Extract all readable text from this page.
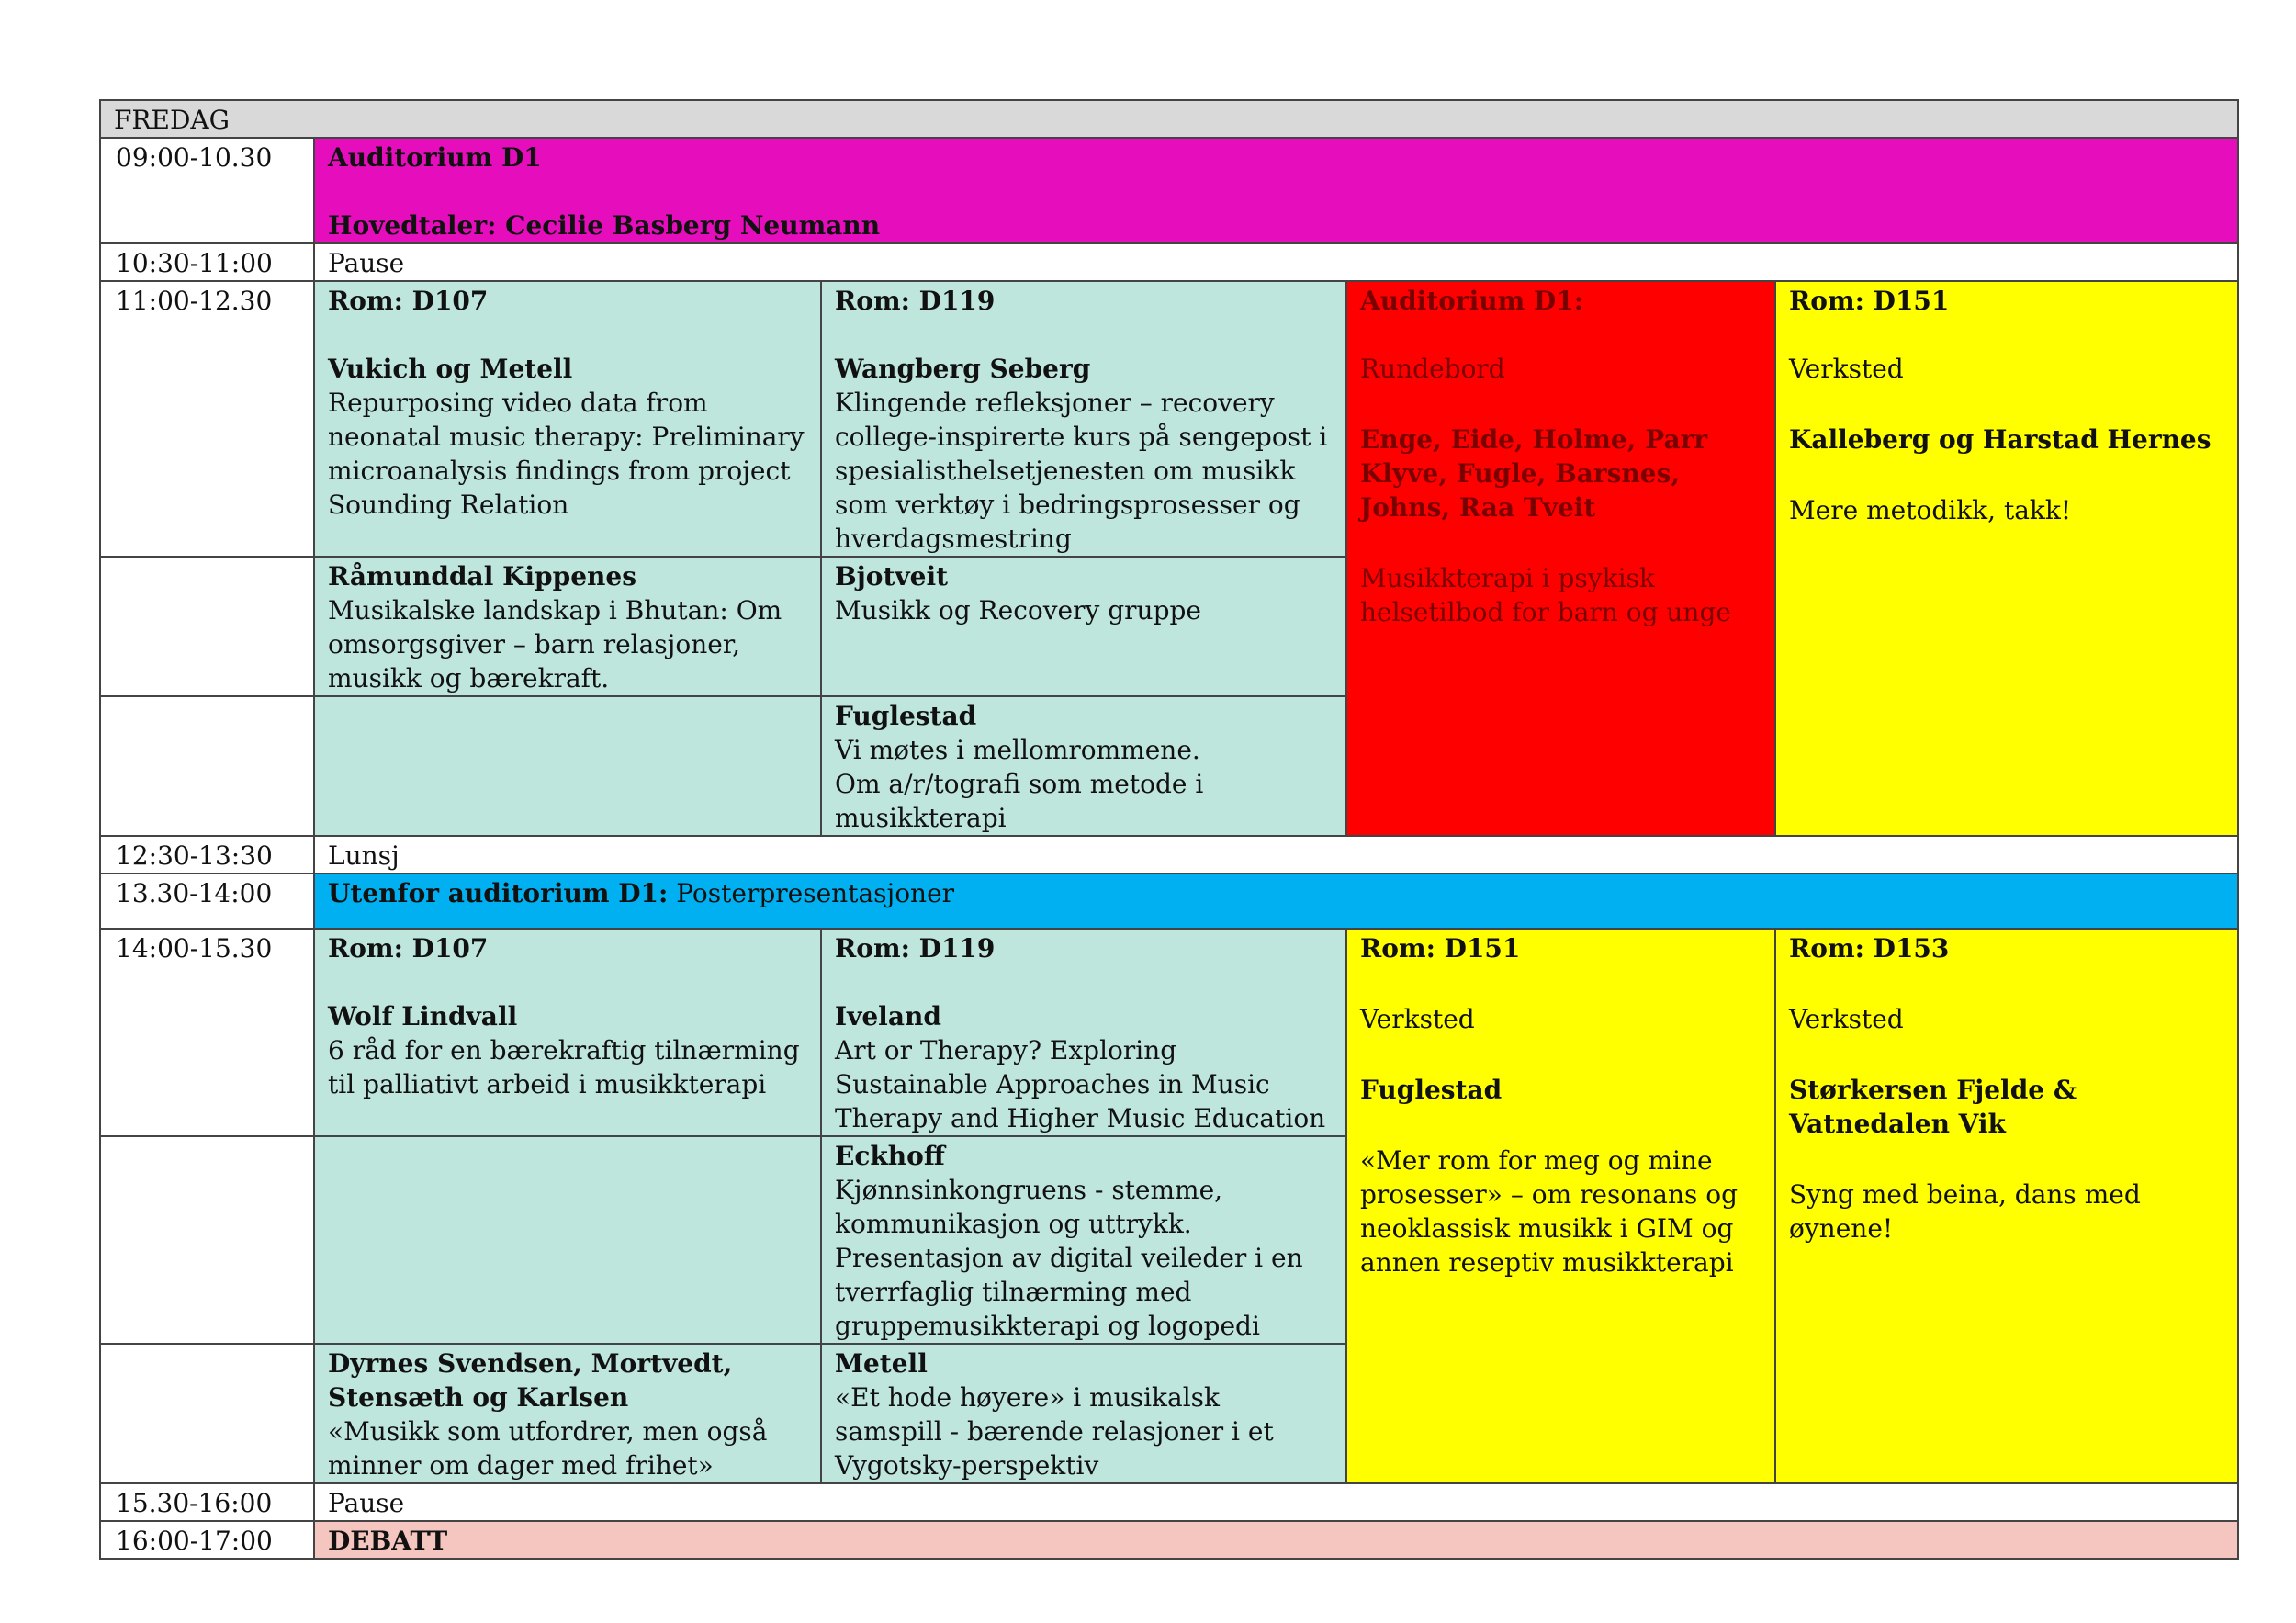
FREDAG				
09:00-10.30	Auditorium D1
Hovedtaler: Cecilie Basberg Neumann			

10:30-11:00	Pause			
11:00-12.30	Rom: D107
Vukich og Metell
Repurposing video data from neonatal music therapy: Preliminary microanalysis findings from project Sounding Relation	Rom: D119
Wangberg Seberg
Klingende refleksjoner – recovery college-inspirerte kurs på sengepost i spesialisthelsetjenesten om musikk som verktøy i bedringsprosesser og hverdagsmestring	Auditorium D1:
Rundebord
Enge, Eide, Holme, Parr Klyve, Fugle, Barsnes, Johns, Raa Tveit
Musikkterapi i psykisk helsetilbod for barn og unge	Rom: D151
Verksted
Kalleberg og Harstad Hernes
Mere metodikk, takk!

	Råmunddal Kippenes
Musikalske landskap i Bhutan: Om omsorgsgiver – barn relasjoner, musikk og bærekraft.	Bjotveit
Musikk og Recovery gruppe		

		Fuglestad
Vi møtes i mellomrommene.
Om a/r/tografi som metode i musikkterapi		

12:30-13:30	Lunsj			
13.30-14:00	Utenfor auditorium D1: Posterpresentasjoner			
14:00-15.30	Rom: D107
Wolf Lindvall
6 råd for en bærekraftig tilnærming til palliativt arbeid i musikkterapi	Rom: D119
Iveland
Art or Therapy? Exploring Sustainable Approaches in Music Therapy and Higher Music Education	Rom: D151
Verksted
Fuglestad
«Mer rom for meg og mine prosesser» – om resonans og neoklassisk musikk i GIM og annen reseptiv musikkterapi	Rom: D153
Verksted
Størkersen Fjelde & Vatnedalen Vik
Syng med beina, dans med øynene!

		Eckhoff
Kjønnsinkongruens - stemme, kommunikasjon og uttrykk.
Presentasjon av digital veileder i en tverrfaglig tilnærming med gruppemusikkterapi og logopedi		

	Dyrnes Svendsen, Mortvedt, Stensæth og Karlsen
«Musikk som utfordrer, men også minner om dager med frihet»	Metell
«Et hode høyere» i musikalsk samspill - bærende relasjoner i et Vygotsky-perspektiv		

15.30-16:00	Pause			
16:00-17:00	DEBATT			
